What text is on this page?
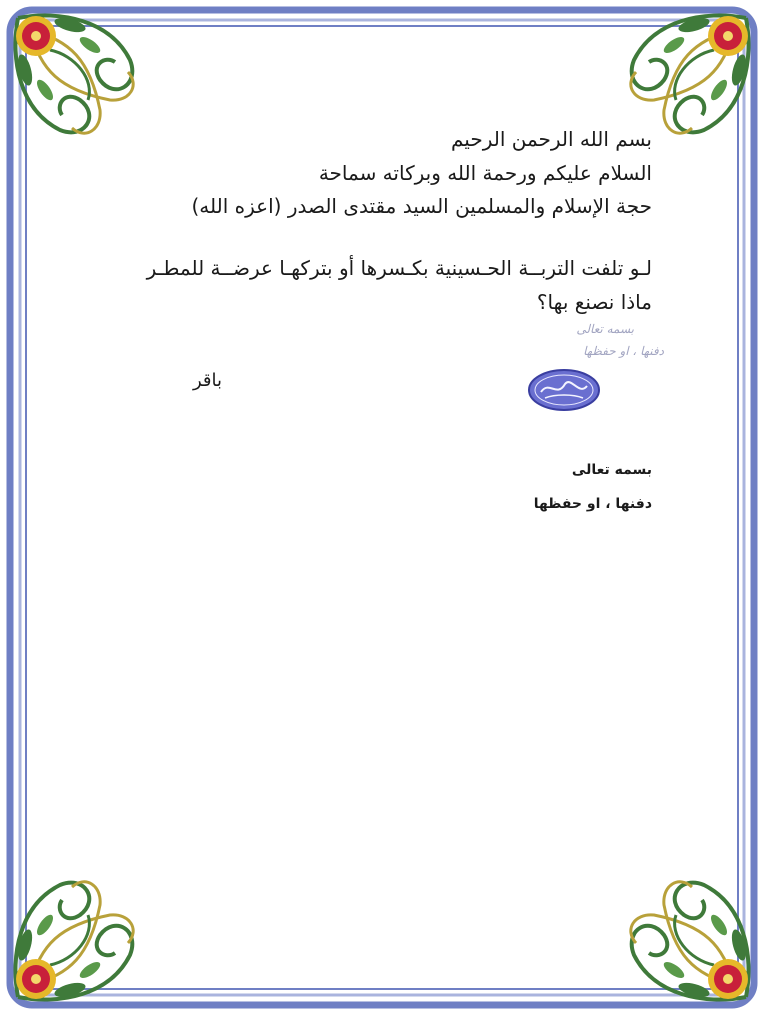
بسم الله الرحمن الرحيم
السلام عليكم ورحمة الله وبركاته سماحة
حجة الإسلام والمسلمين السيد مقتدى الصدر (اعزه الله)
لـو تلفت التربــة الحـسينية بكـسرها أو بتركهـا عرضــة للمطـر
ماذا نصنع بها؟
باقر
بسمه تعالى
دفنها ، او حفظها
بسمه تعالى
دفنها ، او حفظها
